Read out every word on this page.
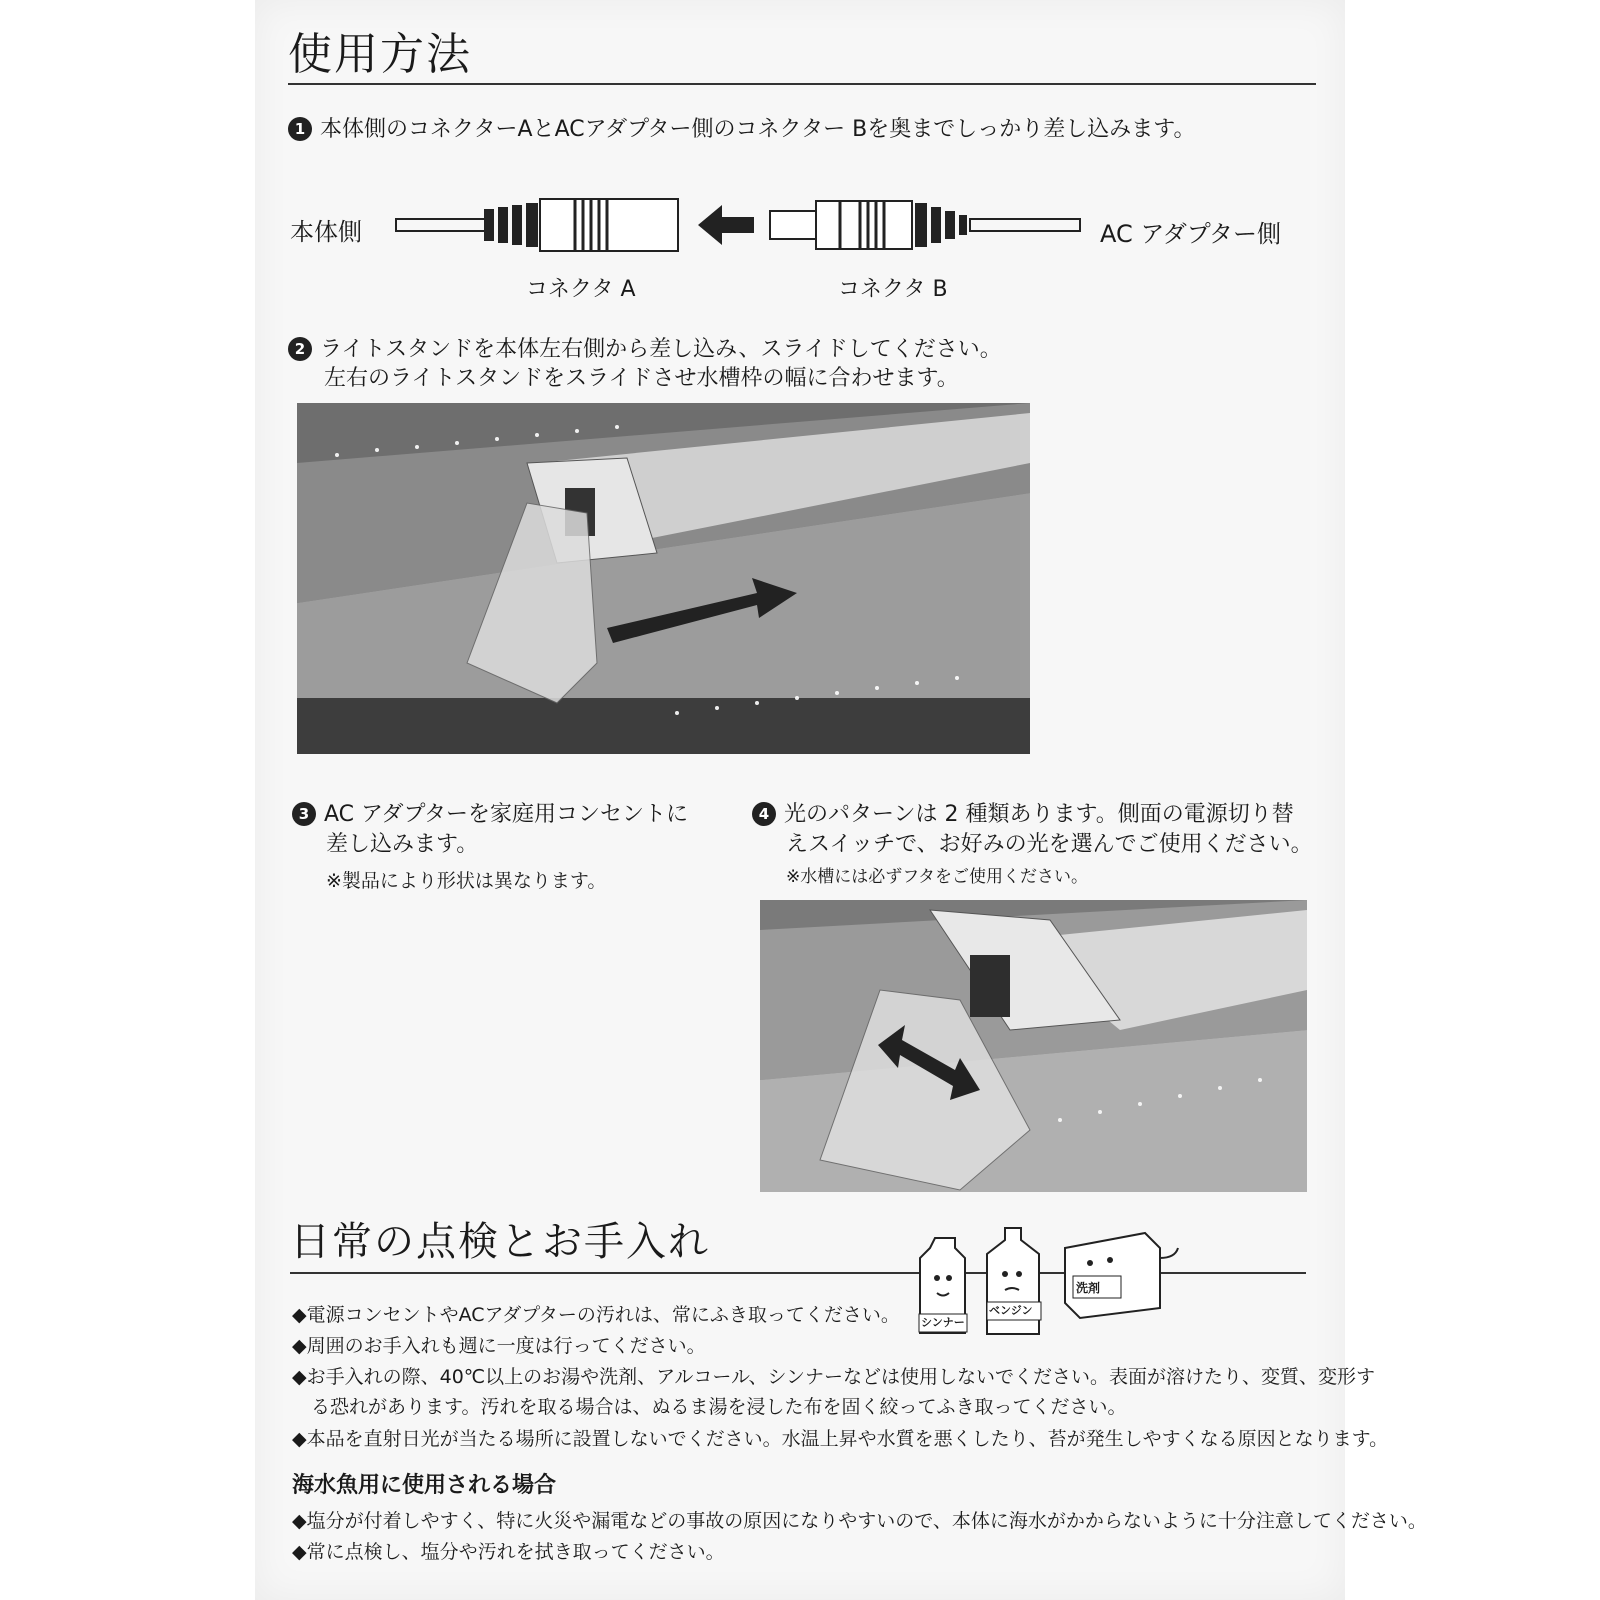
使用方法
1 本体側のコネクターAとACアダプター側のコネクター Bを奥までしっかり差し込みます。
本体側	AC アダプター側
コネクタ A	コネクタ B
2 ライトスタンドを本体左右側から差し込み、スライドしてください。
左右のライトスタンドをスライドさせ水槽枠の幅に合わせます。
3 AC アダプターを家庭用コンセントに
差し込みます。
※製品により形状は異なります。
4 光のパターンは 2 種類あります。側面の電源切り替
えスイッチで、お好みの光を選んでご使用ください。
※水槽には必ずフタをご使用ください。
日常の点検とお手入れ
シンナー
ベンジン
洗剤
◆電源コンセントやACアダプターの汚れは、常にふき取ってください。
◆周囲のお手入れも週に一度は行ってください。
◆お手入れの際、40℃以上のお湯や洗剤、アルコール、シンナーなどは使用しないでください。表面が溶けたり、変質、変形す
　る恐れがあります。汚れを取る場合は、ぬるま湯を浸した布を固く絞ってふき取ってください。
◆本品を直射日光が当たる場所に設置しないでください。水温上昇や水質を悪くしたり、苔が発生しやすくなる原因となります。
海水魚用に使用される場合
◆塩分が付着しやすく、特に火災や漏電などの事故の原因になりやすいので、本体に海水がかからないように十分注意してください。
◆常に点検し、塩分や汚れを拭き取ってください。
